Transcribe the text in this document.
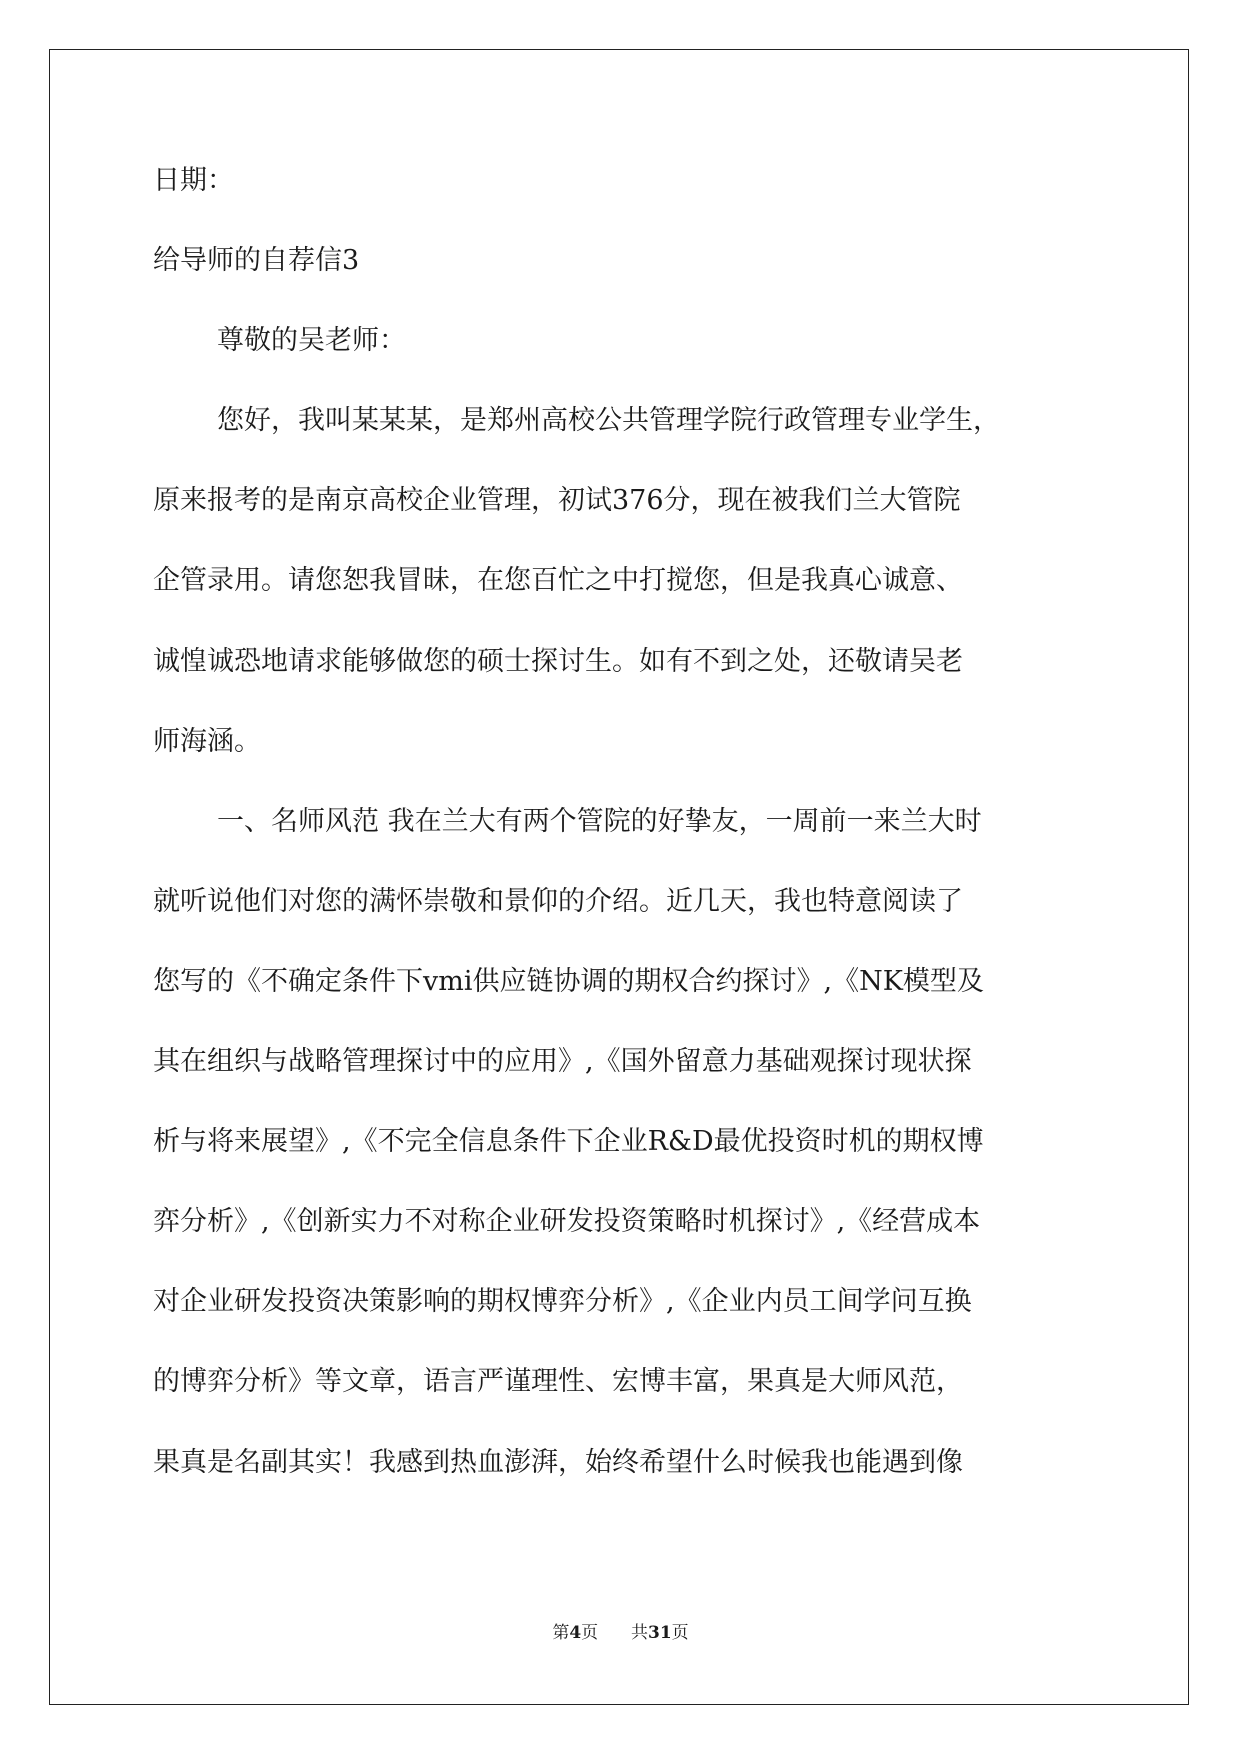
日期：
给导师的自荐信3
尊敬的吴老师：
您好，我叫某某某，是郑州高校公共管理学院行政管理专业学生，
原来报考的是南京高校企业管理，初试376分，现在被我们兰大管院
企管录用。请您恕我冒昧，在您百忙之中打搅您，但是我真心诚意、
诚惶诚恐地请求能够做您的硕士探讨生。如有不到之处，还敬请吴老
师海涵。
一、名师风范 我在兰大有两个管院的好挚友，一周前一来兰大时
就听说他们对您的满怀崇敬和景仰的介绍。近几天，我也特意阅读了
您写的《不确定条件下vmi供应链协调的期权合约探讨》,《NK模型及
其在组织与战略管理探讨中的应用》,《国外留意力基础观探讨现状探
析与将来展望》,《不完全信息条件下企业R&D最优投资时机的期权博
弈分析》,《创新实力不对称企业研发投资策略时机探讨》,《经营成本
对企业研发投资决策影响的期权博弈分析》,《企业内员工间学问互换
的博弈分析》等文章，语言严谨理性、宏博丰富，果真是大师风范，
果真是名副其实！我感到热血澎湃，始终希望什么时候我也能遇到像
第4页 共31页
